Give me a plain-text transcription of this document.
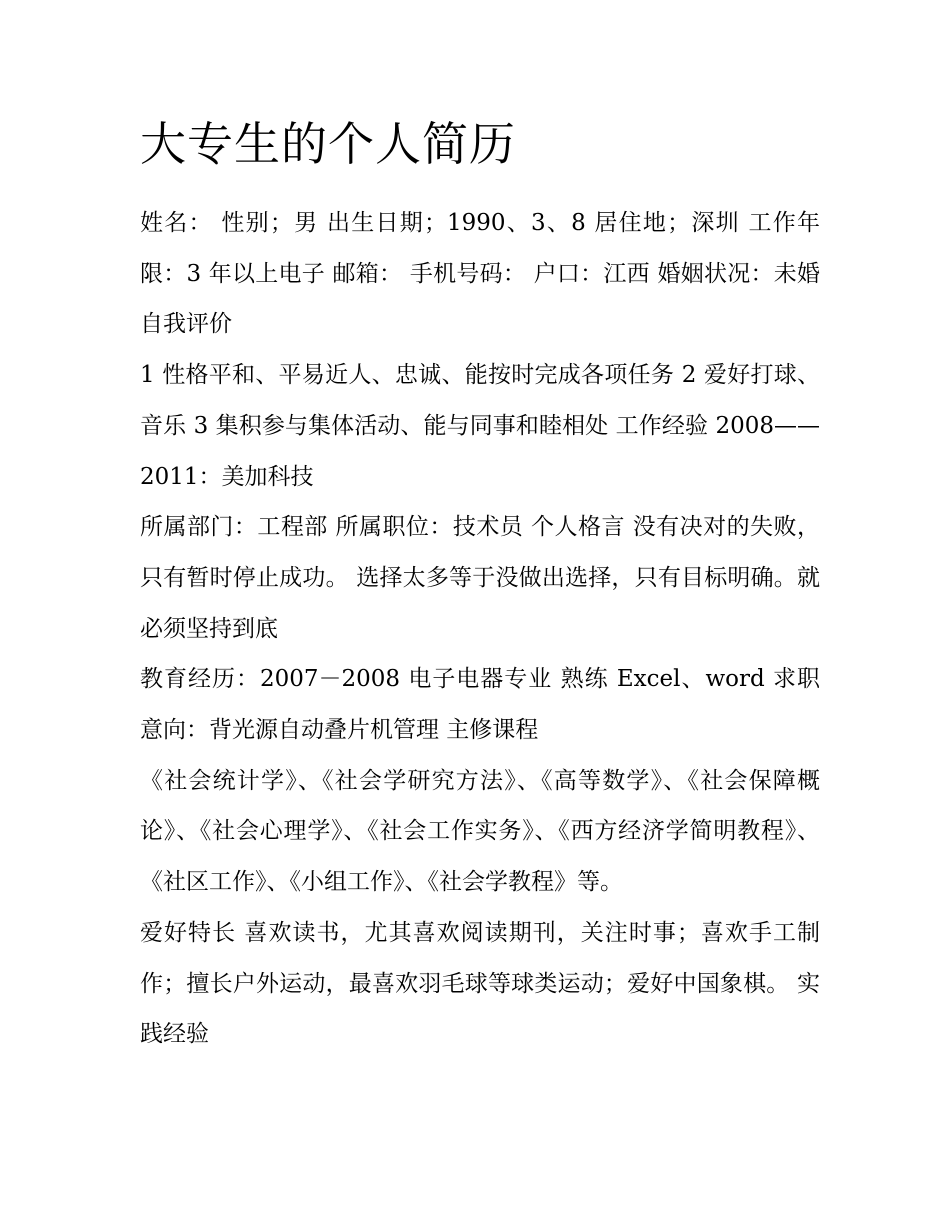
大专生的个人简历

姓名： 性别；男 出生日期；1990、3、8 居住地；深圳 工作年限：3 年以上电子 邮箱： 手机号码： 户口：江西 婚姻状况：未婚 自我评价

1 性格平和、平易近人、忠诚、能按时完成各项任务 2 爱好打球、音乐 3 集积参与集体活动、能与同事和睦相处 工作经验 2008——2011：美加科技

所属部门：工程部 所属职位：技术员 个人格言 没有决对的失败，只有暂时停止成功。 选择太多等于没做出选择，只有目标明确。就必须坚持到底

教育经历：2007－2008 电子电器专业 熟练 Excel、word 求职意向：背光源自动叠片机管理 主修课程

《社会统计学》、《社会学研究方法》、《高等数学》、《社会保障概论》、《社会心理学》、《社会工作实务》、《西方经济学简明教程》、《社区工作》、《小组工作》、《社会学教程》等。

爱好特长 喜欢读书，尤其喜欢阅读期刊，关注时事；喜欢手工制作；擅长户外运动，最喜欢羽毛球等球类运动；爱好中国象棋。 实践经验
